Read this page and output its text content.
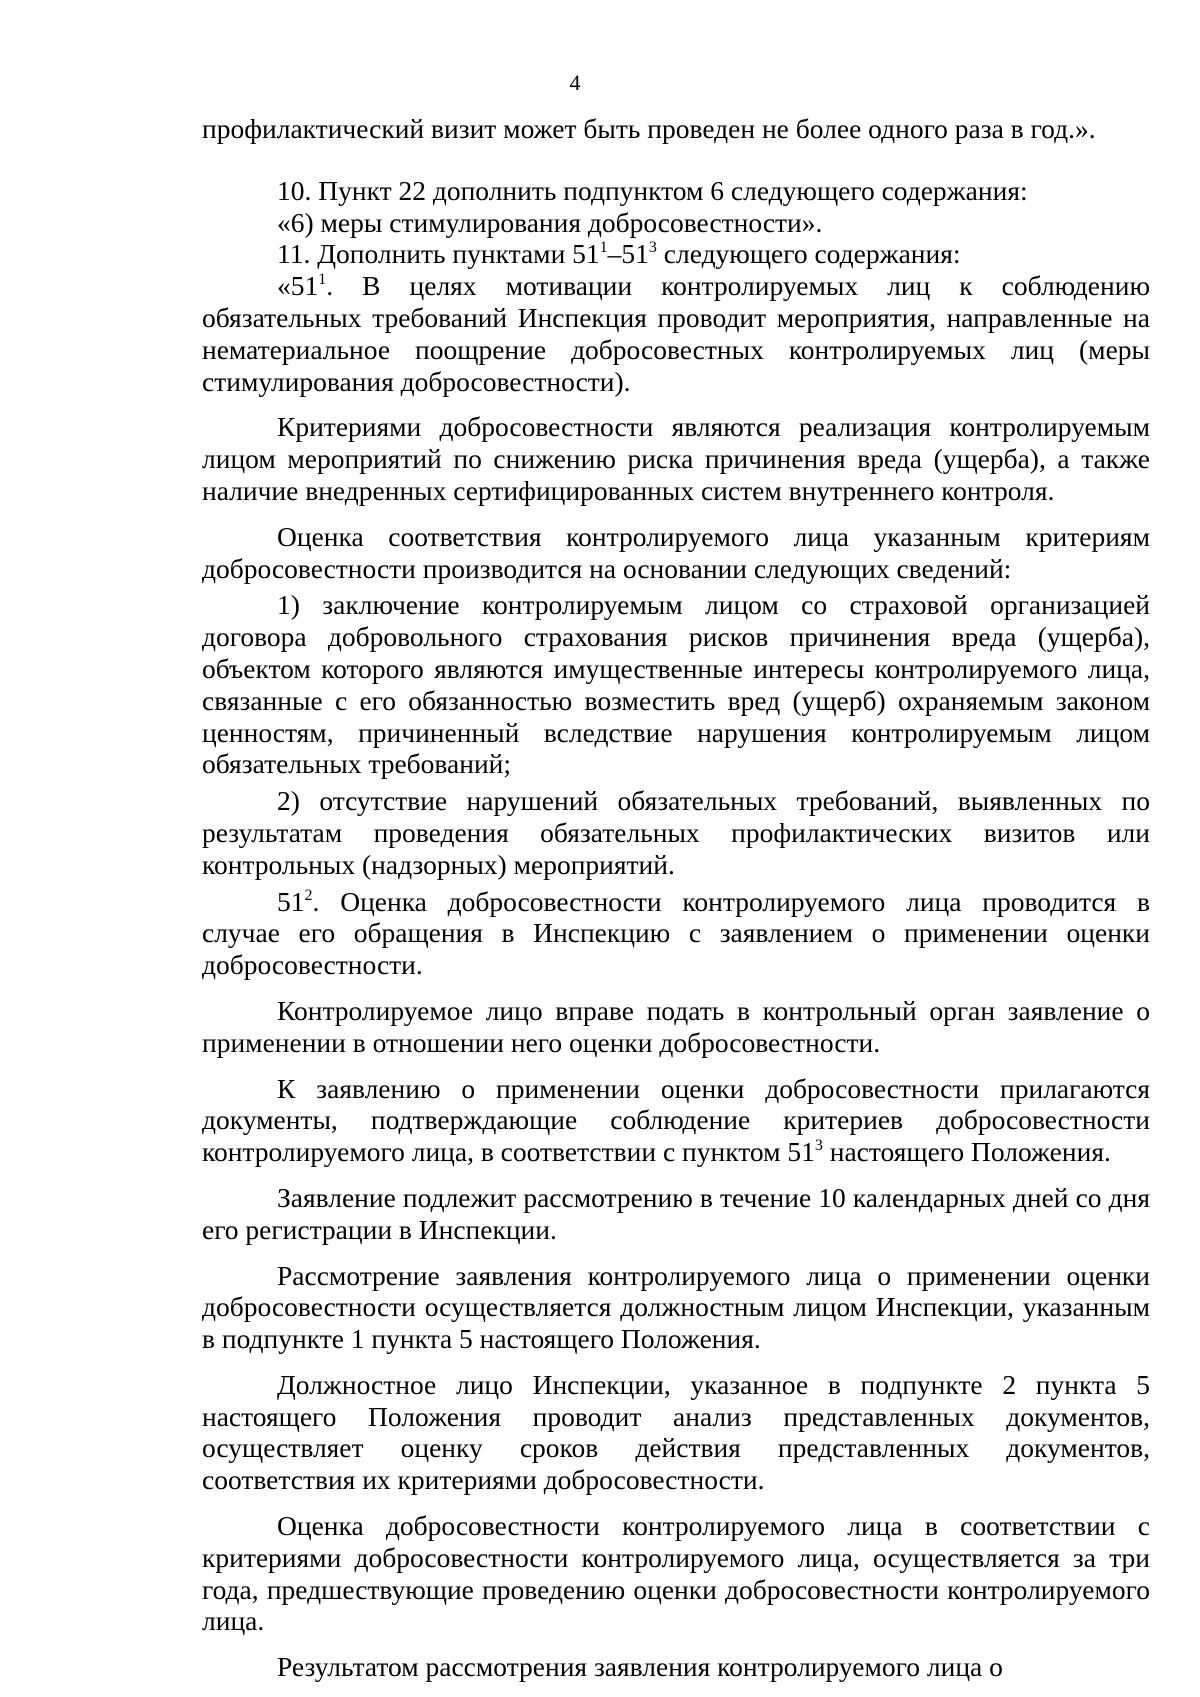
4

профилактический визит может быть проведен не более одного раза в год.».

10. Пункт 22 дополнить подпунктом 6 следующего содержания:

«6) меры стимулирования добросовестности».

11. Дополнить пунктами $51^1-51^3$ следующего содержания:

«$51^1$. В целях мотивации контролируемых лиц к соблюдению обязательных требований Инспекция проводит мероприятия, направленные на нематериальное поощрение добросовестных контролируемых лиц (меры стимулирования добросовестности).

Критериями добросовестности являются реализация контролируемым лицом мероприятий по снижению риска причинения вреда (ущерба), а также наличие внедренных сертифицированных систем внутреннего контроля.

Оценка соответствия контролируемого лица указанным критериям добросовестности производится на основании следующих сведений:

1) заключение контролируемым лицом со страховой организацией договора добровольного страхования рисков причинения вреда (ущерба), объектом которого являются имущественные интересы контролируемого лица, связанные с его обязанностью возместить вред (ущерб) охраняемым законом ценностям, причиненный вследствие нарушения контролируемым лицом обязательных требований;

2) отсутствие нарушений обязательных требований, выявленных по результатам проведения обязательных профилактических визитов или контрольных (надзорных) мероприятий.

$51^2$. Оценка добросовестности контролируемого лица проводится в случае его обращения в Инспекцию с заявлением о применении оценки добросовестности.

Контролируемое лицо вправе подать в контрольный орган заявление о применении в отношении него оценки добросовестности.

К заявлению о применении оценки добросовестности прилагаются документы, подтверждающие соблюдение критериев добросовестности контролируемого лица, в соответствии с пунктом $51^3$ настоящего Положения.

Заявление подлежит рассмотрению в течение 10 календарных дней со дня его регистрации в Инспекции.

Рассмотрение заявления контролируемого лица о применении оценки добросовестности осуществляется должностным лицом Инспекции, указанным в подпункте 1 пункта 5 настоящего Положения.

Должностное лицо Инспекции, указанное в подпункте 2 пункта 5 настоящего Положения проводит анализ представленных документов, осуществляет оценку сроков действия представленных документов, соответствия их критериями добросовестности.

Оценка добросовестности контролируемого лица в соответствии с критериями добросовестности контролируемого лица, осуществляется за три года, предшествующие проведению оценки добросовестности контролируемого лица.

Результатом рассмотрения заявления контролируемого лица о
